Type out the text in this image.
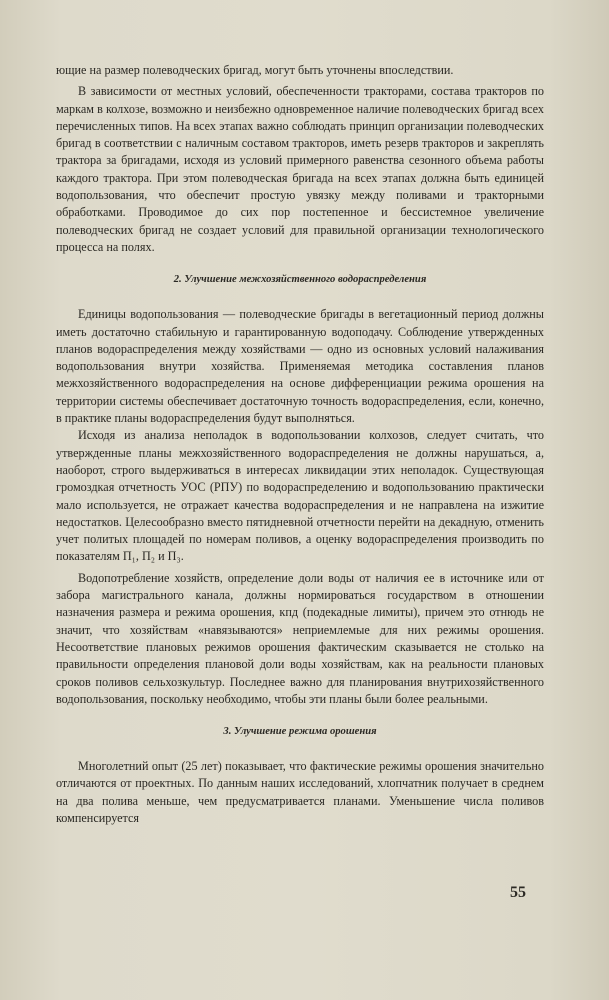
ющие на размер полеводческих бригад, могут быть уточнены впоследствии.

В зависимости от местных условий, обеспеченности тракторами, состава тракторов по маркам в колхозе, возможно и неизбежно одновременное наличие полеводческих бригад всех перечисленных типов. На всех этапах важно соблюдать принцип организации полеводческих бригад в соответствии с наличным составом тракторов, иметь резерв тракторов и закреплять трактора за бригадами, исходя из условий примерного равенства сезонного объема работы каждого трактора. При этом полеводческая бригада на всех этапах должна быть единицей водопользования, что обеспечит простую увязку между поливами и тракторными обработками. Проводимое до сих пор постепенное и бессистемное увеличение полеводческих бригад не создает условий для правильной организации технологического процесса на полях.

2. Улучшение межхозяйственного водораспределения

Единицы водопользования — полеводческие бригады в вегетационный период должны иметь достаточно стабильную и гарантированную водоподачу. Соблюдение утвержденных планов водораспределения между хозяйствами — одно из основных условий налаживания водопользования внутри хозяйства. Применяемая методика составления планов межхозяйственного водораспределения на основе дифференциации режима орошения на территории системы обеспечивает достаточную точность водораспределения, если, конечно, в практике планы водораспределения будут выполняться.

Исходя из анализа неполадок в водопользовании колхозов, следует считать, что утвержденные планы межхозяйственного водораспределения не должны нарушаться, а, наоборот, строго выдерживаться в интересах ликвидации этих неполадок. Существующая громоздкая отчетность УОС (РПУ) по водораспределению и водопользованию практически мало используется, не отражает качества водораспределения и не направлена на изжитие недостатков. Целесообразно вместо пятидневной отчетности перейти на декадную, отменить учет политых площадей по номерам поливов, а оценку водораспределения производить по показателям П₁, П₂ и П₃.

Водопотребление хозяйств, определение доли воды от наличия ее в источнике или от забора магистрального канала, должны нормироваться государством в отношении назначения размера и режима орошения, кпд (подекадные лимиты), причем это отнюдь не значит, что хозяйствам «навязываются» неприемлемые для них режимы орошения. Несоответствие плановых режимов орошения фактическим сказывается не столько на правильности определения плановой доли воды хозяйствам, как на реальности плановых сроков поливов сельхозкультур. Последнее важно для планирования внутрихозяйственного водопользования, поскольку необходимо, чтобы эти планы были более реальными.

3. Улучшение режима орошения

Многолетний опыт (25 лет) показывает, что фактические режимы орошения значительно отличаются от проектных. По данным наших исследований, хлопчатник получает в среднем на два полива меньше, чем предусматривается планами. Уменьшение числа поливов компенсируется

55
